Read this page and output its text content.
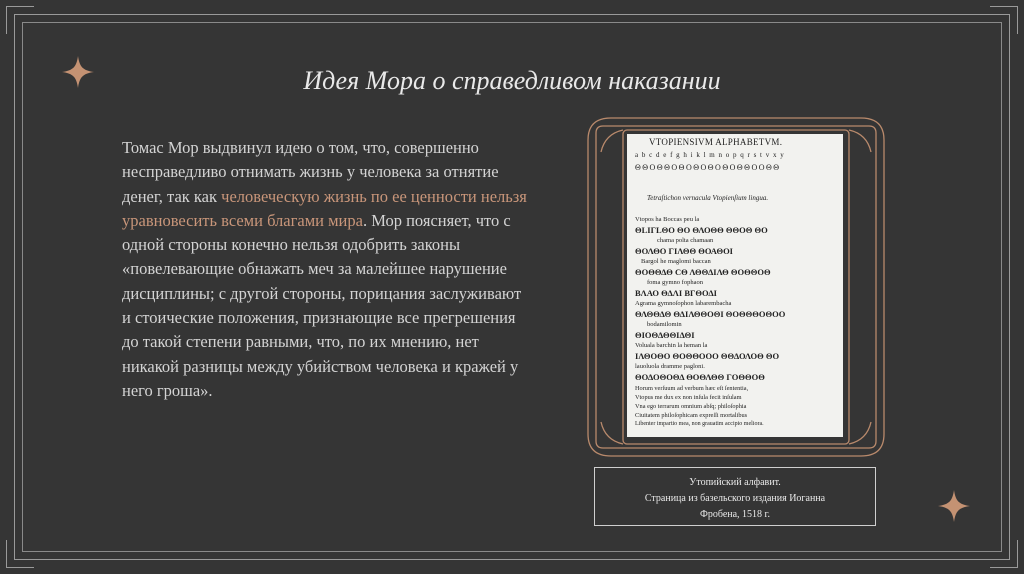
Идея Мора о справедливом наказании
Томас Мор выдвинул идею о том, что, совершенно несправедливо отнимать жизнь у человека за отнятие денег, так как человеческую жизнь по ее ценности нельзя уравновесить всеми благами мира. Мор поясняет, что с одной стороны конечно нельзя одобрить законы «повелевающие обнажать меч за малейшее нарушение дисциплины; с другой стороны, порицания заслуживают и стоические положения, признающие все прегрешения до такой степени равными, что, по их мнению, нет никакой разницы между убийством человека и кражей у него гроша».
VTOPIENSIVM ALPHABETVM.
a b c d e f g h i k l m n o p q r s t v x y
ΘΘΟΘΘΟΘΟΘΟΘΟΘΟΘΘΟΟΘΘ
Tetraſtichon vernacula Vtopienſium lingua.
Vtopos ha Boccas peu la
ΘLIΓLΘΟ ΘΟ ΘΛΟΘΘ ΘΘΟΘ ΘΟ
chama polta chamaan
ΘΟΛΘΟ ΓΙΛΘΘ ΘΟΑΘΟΙ
Bargol he maglomi baccan
ΘΟΘΘΔΘ CΘ ΛΘΘΔΙΛΘ ΘΟΘΘΟΘ
foma gymno fophaon
ΒΛΑΟ ΘΔΛΙ ΒΓΘΟΔΙ
Agrama gymnoſophon labarembacha
ΘΛΘΘΔΘ ΘΔΙΛΘΘΟΘΙ ΘΟΘΘΘΟΘΟΟ
bodamilomin
ΘΙΟΘΔΘΘΙΔΘΙ
Voluala barchin la heman la
ΙΛΘΟΘΟ ΘΟΘΘΟΟΟ ΘΘΔΟΛΟΘ ΘΟ
lauoluola dramme pagloni.
ΘΟΔΟΘΟΘΔ ΘΟΘΛΘΘ ΓΟΘΘΟΘ
Horum verſuum ad verbum hæc eſt ſententia,
Vtopus me dux ex non inſula fecit inſulam
Vna ego terrarum omnium abſq; philoſophia
Ciuitatem philoſophicam expreſſi mortalibus
Libenter impartio mea, non grauatim accipio meliora.
Утопийский алфавит.
Страница из базельского издания Иоганна
Фробена, 1518 г.
